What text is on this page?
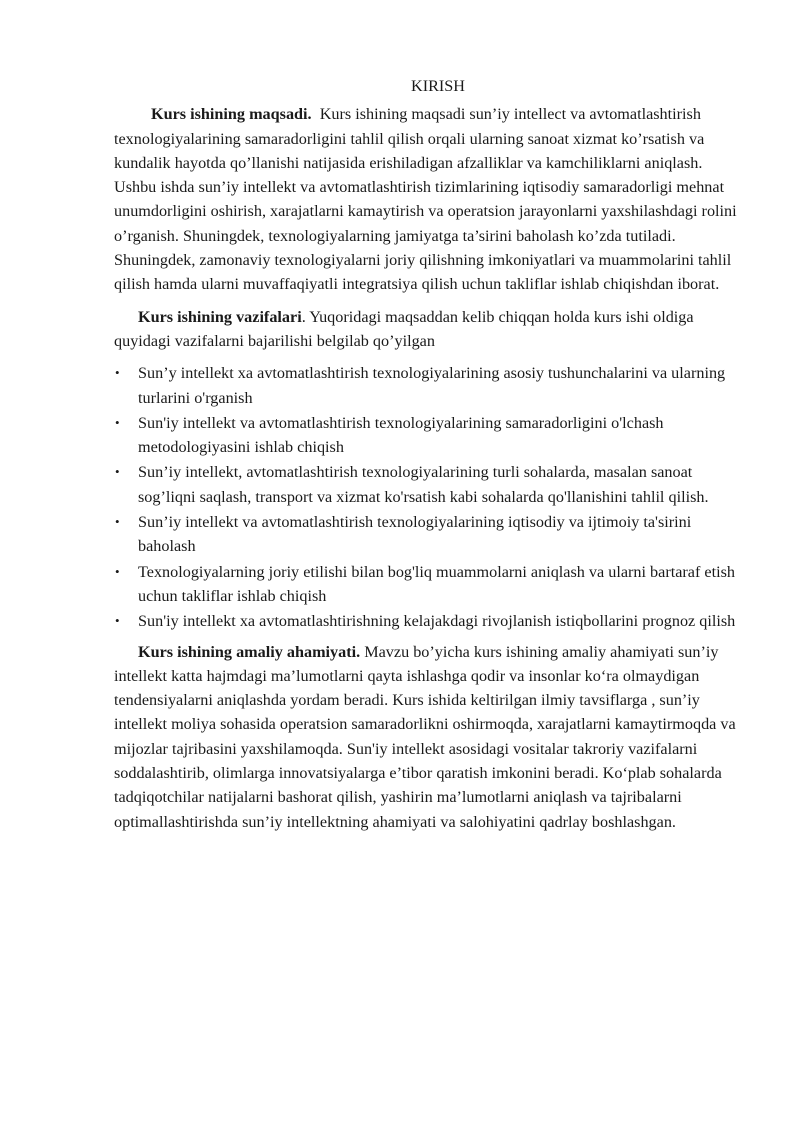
KIRISH

Kurs ishining maqsadi. Kurs ishining maqsadi sun’iy intellect va avtomatlashtirish texnologiyalarining samaradorligini tahlil qilish orqali ularning sanoat xizmat ko’rsatish va kundalik hayotda qo’llanishi natijasida erishiladigan afzalliklar va kamchiliklarni aniqlash. Ushbu ishda sun’iy intellekt va avtomatlashtirish tizimlarining iqtisodiy samaradorligi mehnat unumdorligini oshirish, xarajatlarni kamaytirish va operatsion jarayonlarni yaxshilashdagi rolini o’rganish. Shuningdek, texnologiyalarning jamiyatga ta’sirini baholash ko’zda tutiladi. Shuningdek, zamonaviy texnologiyalarni joriy qilishning imkoniyatlari va muammolarini tahlil qilish hamda ularni muvaffaqiyatli integratsiya qilish uchun takliflar ishlab chiqishdan iborat.

Kurs ishining vazifalari. Yuqoridagi maqsaddan kelib chiqqan holda kurs ishi oldiga quyidagi vazifalarni bajarilishi belgilab qo’yilgan

• Sun’y intellekt xa avtomatlashtirish texnologiyalarining asosiy tushunchalarini va ularning turlarini o'rganish
• Sun'iy intellekt va avtomatlashtirish texnologiyalarining samaradorligini o'lchash metodologiyasini ishlab chiqish
• Sun’iy intellekt, avtomatlashtirish texnologiyalarining turli sohalarda, masalan sanoat sog’liqni saqlash, transport va xizmat ko'rsatish kabi sohalarda qo'llanishini tahlil qilish.
• Sun’iy intellekt va avtomatlashtirish texnologiyalarining iqtisodiy va ijtimoiy ta'sirini baholash
• Texnologiyalarning joriy etilishi bilan bog'liq muammolarni aniqlash va ularni bartaraf etish uchun takliflar ishlab chiqish
• Sun'iy intellekt xa avtomatlashtirishning kelajakdagi rivojlanish istiqbollarini prognoz qilish

Kurs ishining amaliy ahamiyati. Mavzu bo’yicha kurs ishining amaliy ahamiyati sun’iy intellekt katta hajmdagi ma’lumotlarni qayta ishlashga qodir va insonlar ko‘ra olmaydigan tendensiyalarni aniqlashda yordam beradi. Kurs ishida keltirilgan ilmiy tavsiflarga , sun’iy intellekt moliya sohasida operatsion samaradorlikni oshirmoqda, xarajatlarni kamaytirmoqda va mijozlar tajribasini yaxshilamoqda. Sun'iy intellekt asosidagi vositalar takroriy vazifalarni soddalashtirib, olimlarga innovatsiyalarga e’tibor qaratish imkonini beradi. Ko‘plab sohalarda tadqiqotchilar natijalarni bashorat qilish, yashirin ma’lumotlarni aniqlash va tajribalarni optimallashtirishda sun’iy intellektning ahamiyati va salohiyatini qadrlay boshlashgan.
